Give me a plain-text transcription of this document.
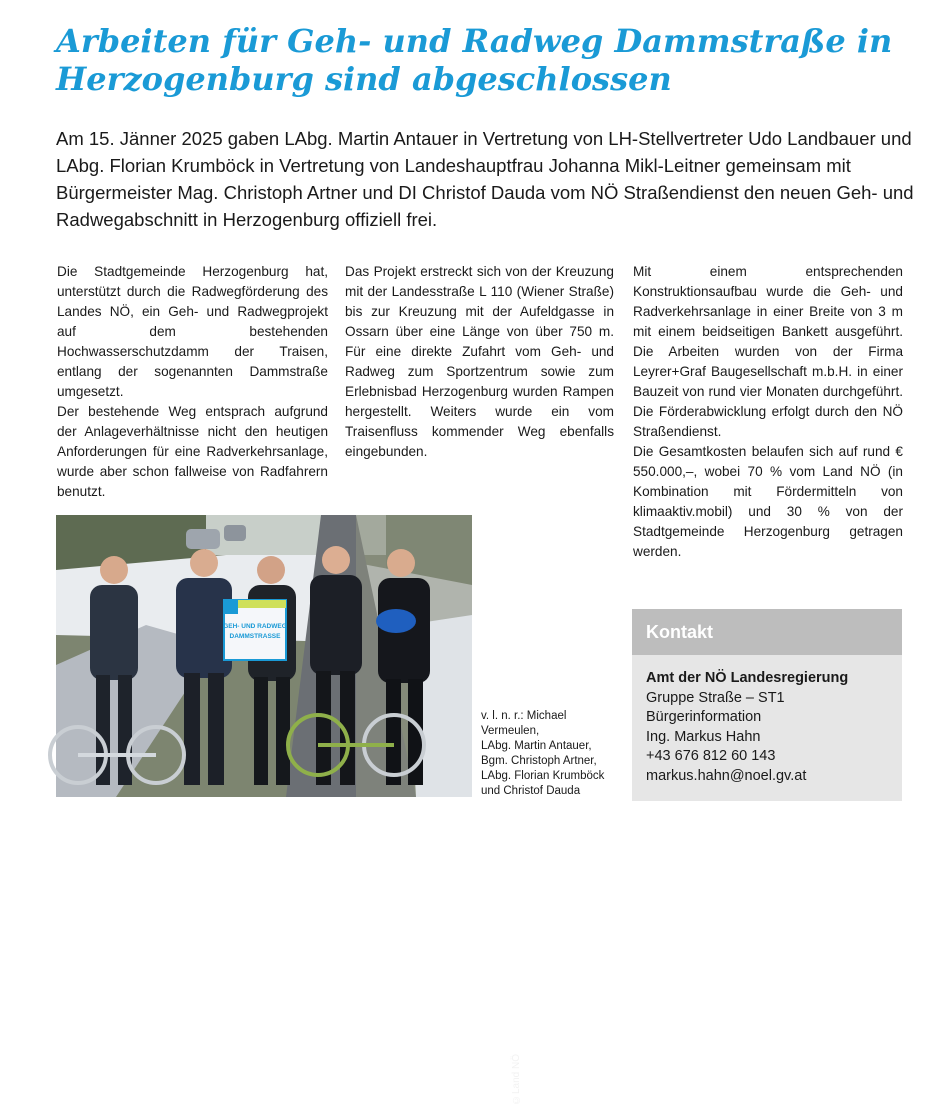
Arbeiten für Geh- und Radweg Dammstraße in
Herzogenburg sind abgeschlossen

Am 15. Jänner 2025 gaben LAbg. Martin Antauer in Vertretung von LH-Stellvertreter Udo Landbauer und LAbg. Florian Krumböck in Vertretung von Landeshauptfrau Johanna Mikl-Leitner gemeinsam mit Bürgermeister Mag. Christoph Artner und DI Christof Dauda vom NÖ Straßendienst den neuen Geh- und Radwegabschnitt in Herzogenburg offiziell frei.

Die Stadtgemeinde Herzogenburg hat, unterstützt durch die Radwegförderung des Landes NÖ, ein Geh- und Radwegprojekt auf dem bestehenden Hochwasserschutzdamm der Traisen, entlang der sogenannten Dammstraße umgesetzt.

Der bestehende Weg entsprach aufgrund der Anlageverhältnisse nicht den heutigen Anforderungen für eine Radverkehrsanlage, wurde aber schon fallweise von Radfahrern benutzt.

Das Projekt erstreckt sich von der Kreuzung mit der Landesstraße L 110 (Wiener Straße) bis zur Kreuzung mit der Aufeldgasse in Ossarn über eine Länge von über 750 m. Für eine direkte Zufahrt vom Geh- und Radweg zum Sportzentrum sowie zum Erlebnisbad Herzogenburg wurden Rampen hergestellt. Weiters wurde ein vom Traisenfluss kommender Weg ebenfalls eingebunden.

Mit einem entsprechenden Konstruktionsaufbau wurde die Geh- und Radverkehrsanlage in einer Breite von 3 m mit einem beidseitigen Bankett ausgeführt. Die Arbeiten wurden von der Firma Leyrer+Graf Baugesellschaft m.b.H. in einer Bauzeit von rund vier Monaten durchgeführt. Die Förderabwicklung erfolgt durch den NÖ Straßendienst.

Die Gesamtkosten belaufen sich auf rund € 550.000,–, wobei 70 % vom Land NÖ (in Kombination mit Fördermitteln von klimaaktiv.mobil) und 30 % von der Stadtgemeinde Herzogenburg getragen werden.

GEH- UND RADWEG
DAMMSTRASSE
©Land NÖ

v. l. n. r.: Michael
Vermeulen,
LAbg. Martin Antauer,
Bgm. Christoph Artner,
LAbg. Florian Krumböck
und Christof Dauda

Kontakt
Amt der NÖ Landesregierung
Gruppe Straße – ST1
Bürgerinformation
Ing. Markus Hahn
+43 676 812 60 143
markus.hahn@noel.gv.at
